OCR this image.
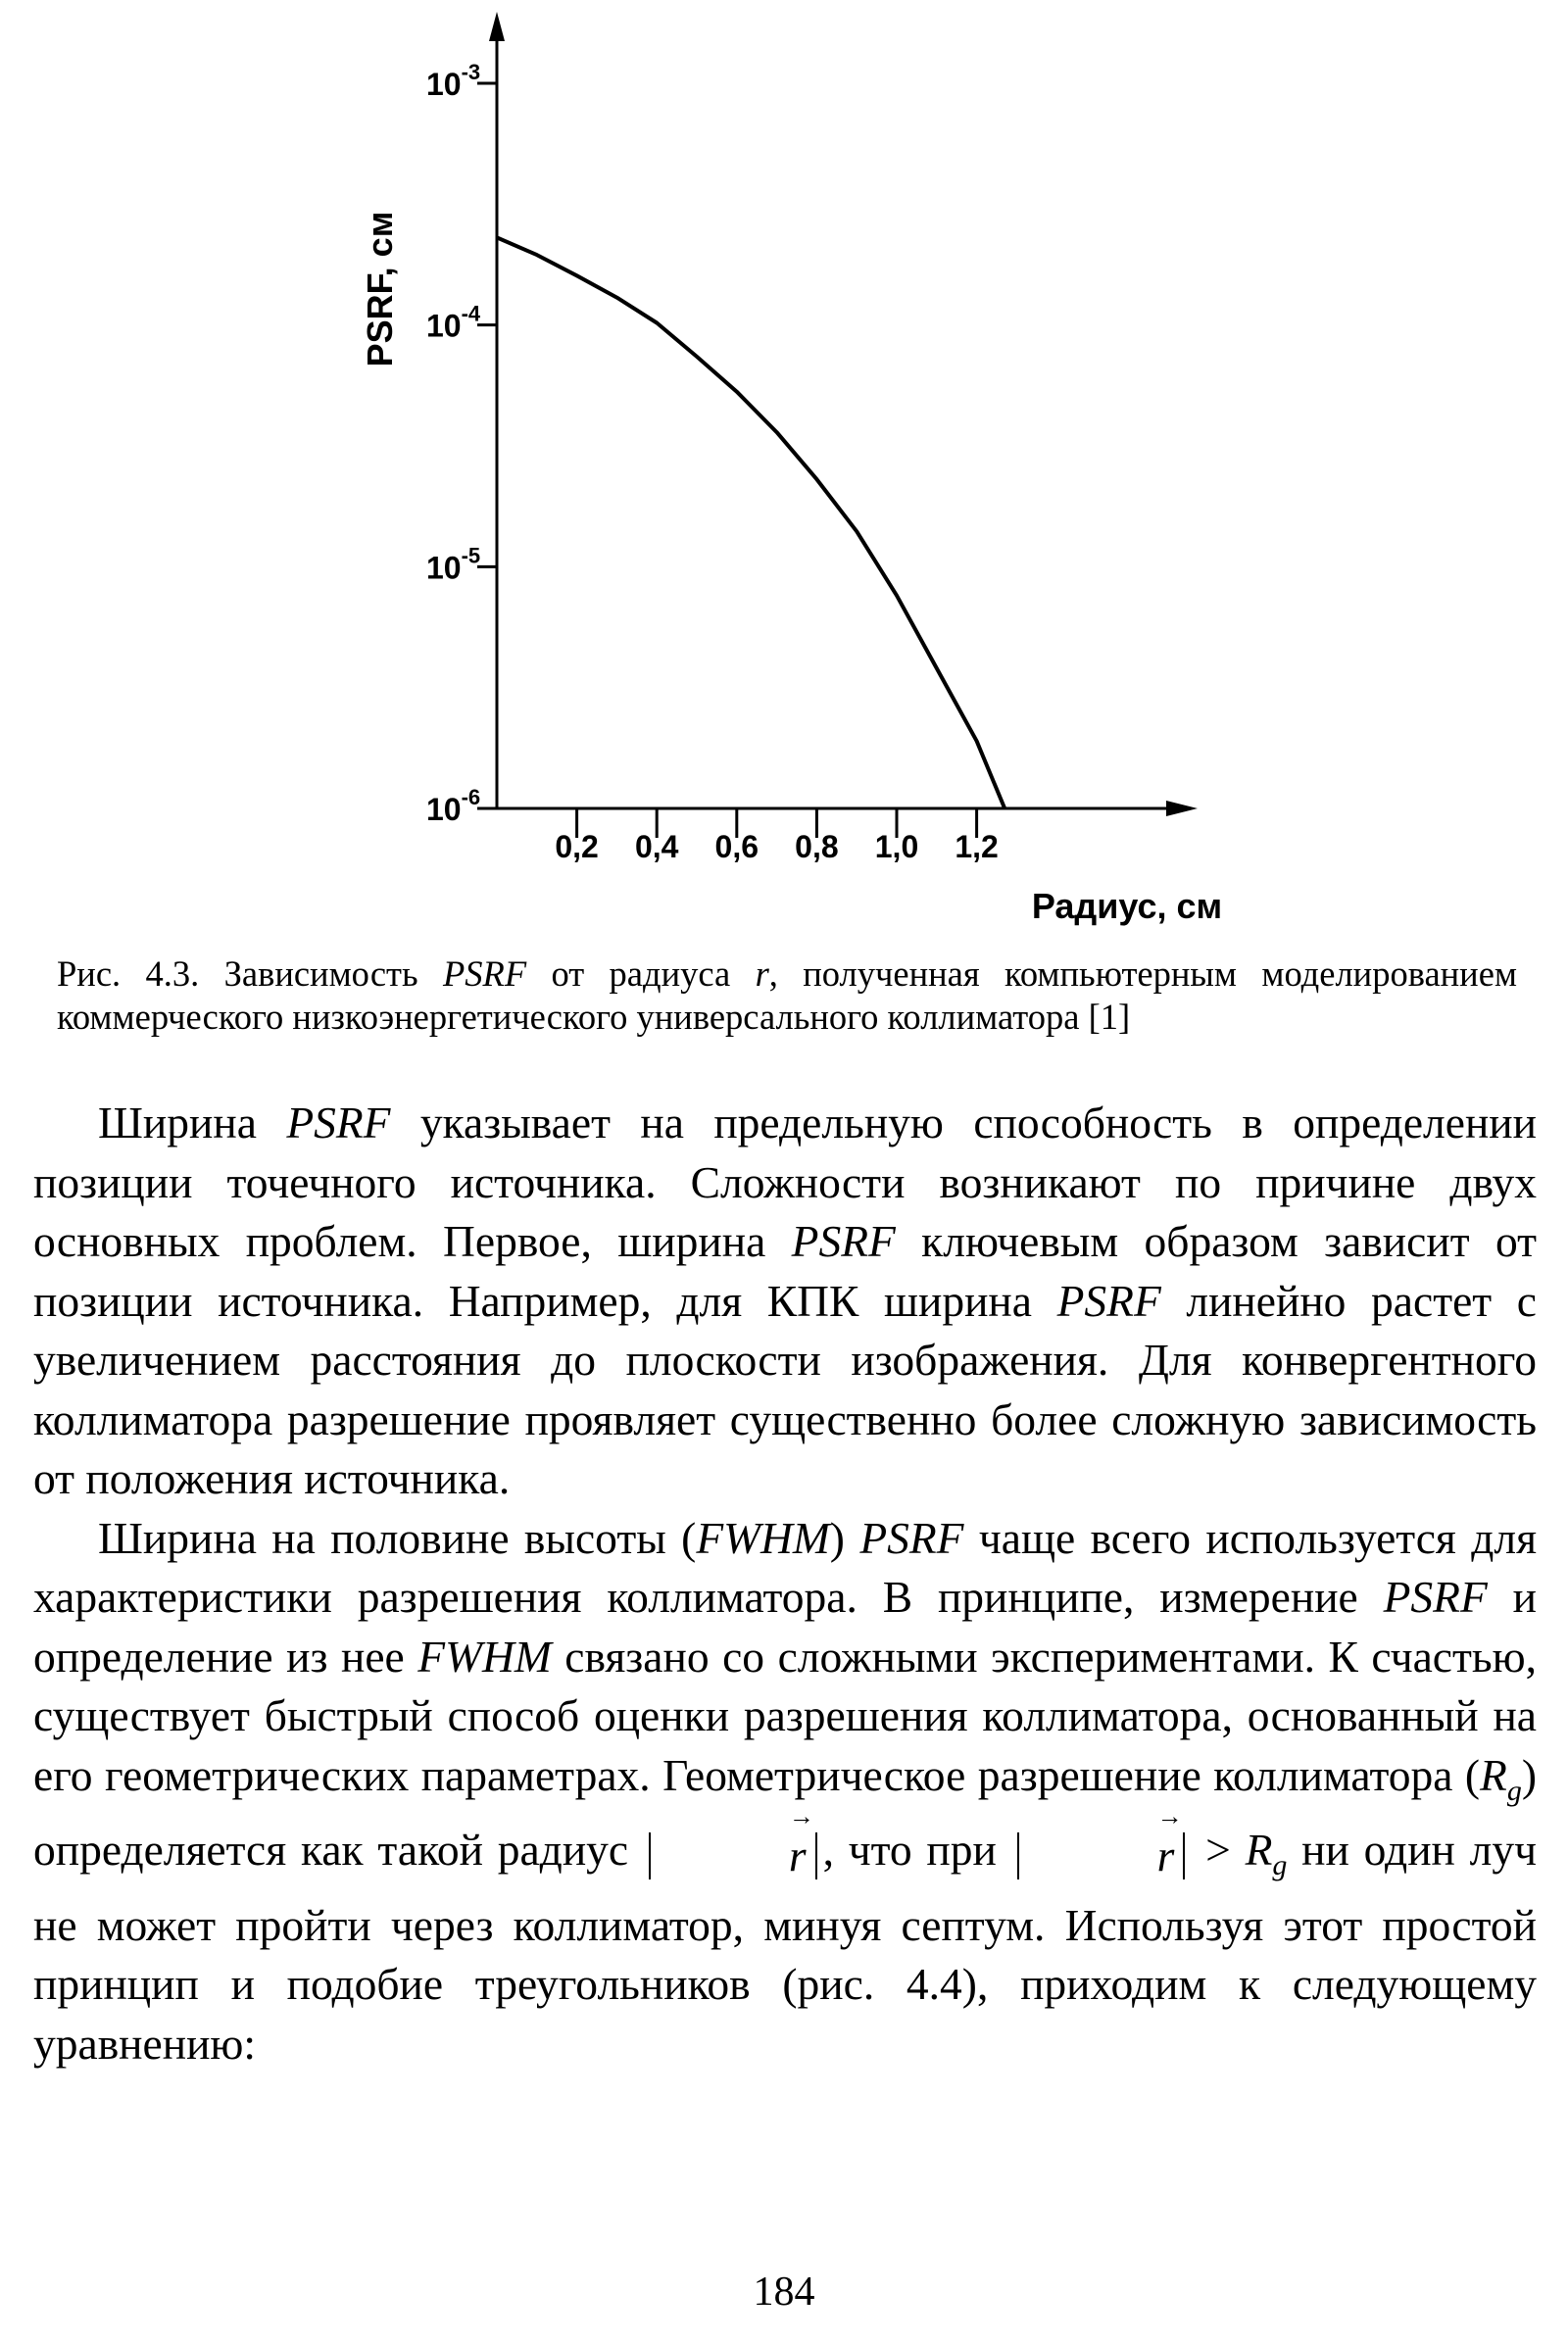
$10^{-3}$
$10^{-4}$
$10^{-5}$
$10^{-6}$
0,2 0,4 0,6 0,8 1,0 1,2
Радиус, см
PSRF, см

Рис. 4.3. Зависимость PSRF от радиуса r, полученная компьютерным моделированием коммерческого низкоэнергетического универсального коллиматора [1]

Ширина PSRF указывает на предельную способность в определении позиции точечного источника. Сложности возникают по причине двух основных проблем. Первое, ширина PSRF ключевым образом зависит от позиции источника. Например, для КПК ширина PSRF линейно растет с увеличением расстояния до плоскости изображения. Для конвергентного коллиматора разрешение проявляет существенно более сложную зависимость от положения источника.

Ширина на половине высоты (FWHM) PSRF чаще всего используется для характеристики разрешения коллиматора. В принципе, измерение PSRF и определение из нее FWHM связано со сложными экспериментами. К счастью, существует быстрый способ оценки разрешения коллиматора, основанный на его геометрических параметрах. Геометрическое разрешение коллиматора $(R_g)$ определяется как такой радиус	→ r , что при	→ $r > R_g$ ни один луч не может пройти через коллиматор, минуя септум. Используя этот простой принцип и подобие треугольников (рис. 4.4), приходим к следующему уравнению:

184
